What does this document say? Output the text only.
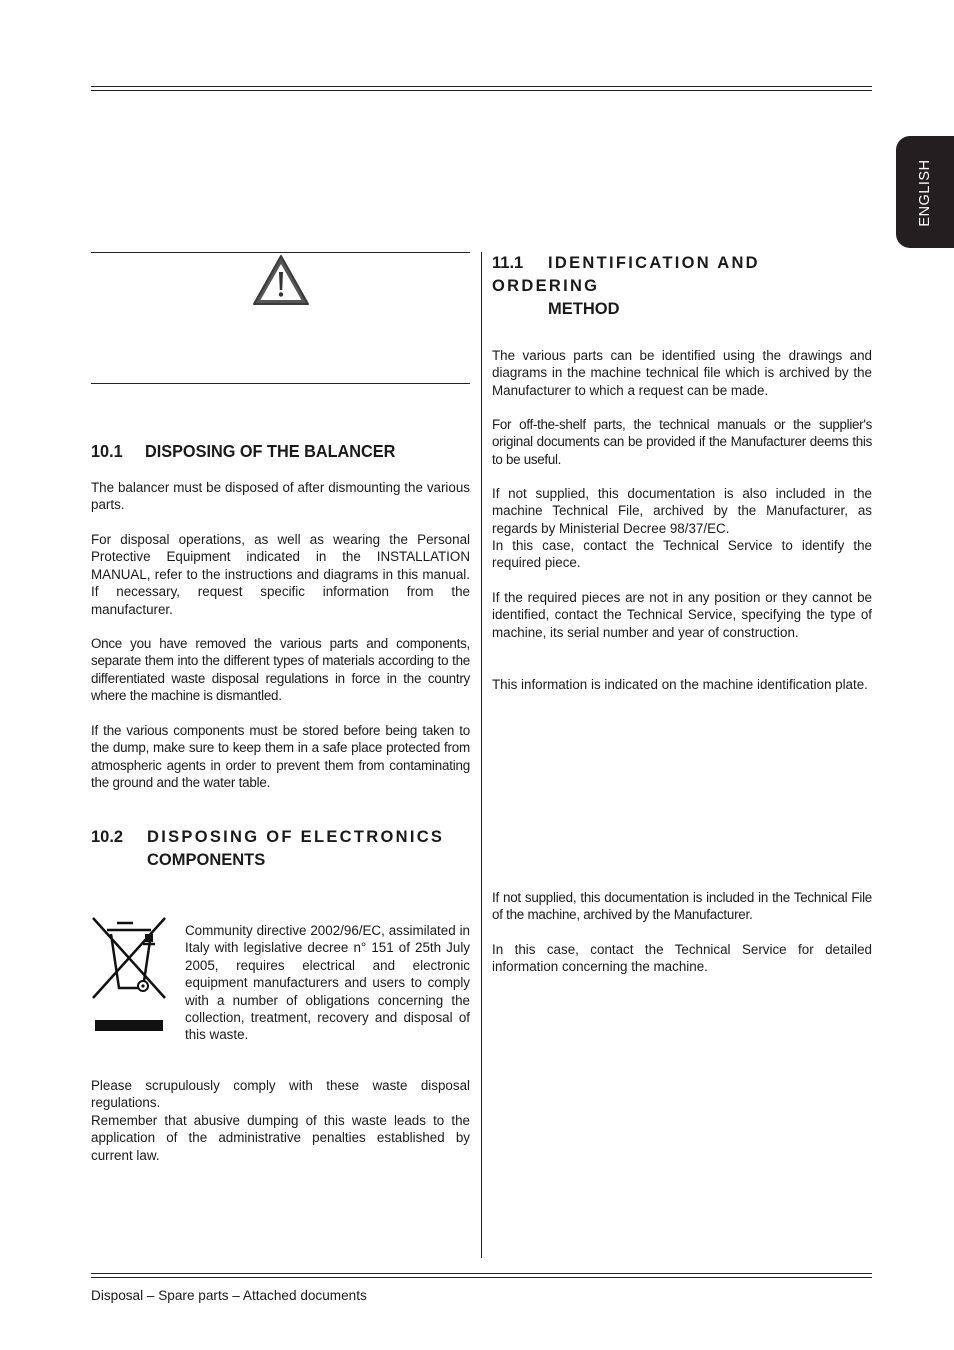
ENGLISH
10.1 DISPOSING OF THE BALANCER

The balancer must be disposed of after dismounting the various parts.

For disposal operations, as well as wearing the Personal Protective Equipment indicated in the INSTALLATION MANUAL, refer to the instructions and diagrams in this manual. If necessary, request specific information from the manufacturer.

Once you have removed the various parts and components, separate them into the different types of materials according to the differentiated waste disposal regulations in force in the country where the machine is dismantled.

If the various components must be stored before being taken to the dump, make sure to keep them in a safe place protected from atmospheric agents in order to prevent them from contaminating the ground and the water table.

10.2 DISPOSING OF ELECTRONICS
COMPONENTS

Community directive 2002/96/EC, assimilated in Italy with legislative decree n° 151 of 25th July 2005, requires electrical and electronic equipment manufacturers and users to comply with a number of obligations concerning the collection, treatment, recovery and disposal of this waste.

Please scrupulously comply with these waste disposal regulations.

Remember that abusive dumping of this waste leads to the application of the administrative penalties established by current law.

11.1 IDENTIFICATION AND ORDERING
METHOD

The various parts can be identified using the drawings and diagrams in the machine technical file which is archived by the Manufacturer to which a request can be made.

For off-the-shelf parts, the technical manuals or the supplier's original documents can be provided if the Manufacturer deems this to be useful.

If not supplied, this documentation is also included in the machine Technical File, archived by the Manufacturer, as regards by Ministerial Decree 98/37/EC.

In this case, contact the Technical Service to identify the required piece.

If the required pieces are not in any position or they cannot be identified, contact the Technical Service, specifying the type of machine, its serial number and year of construction.

This information is indicated on the machine identification plate.

If not supplied, this documentation is included in the Technical File of the machine, archived by the Manufacturer.

In this case, contact the Technical Service for detailed information concerning the machine.

Disposal – Spare parts – Attached documents
